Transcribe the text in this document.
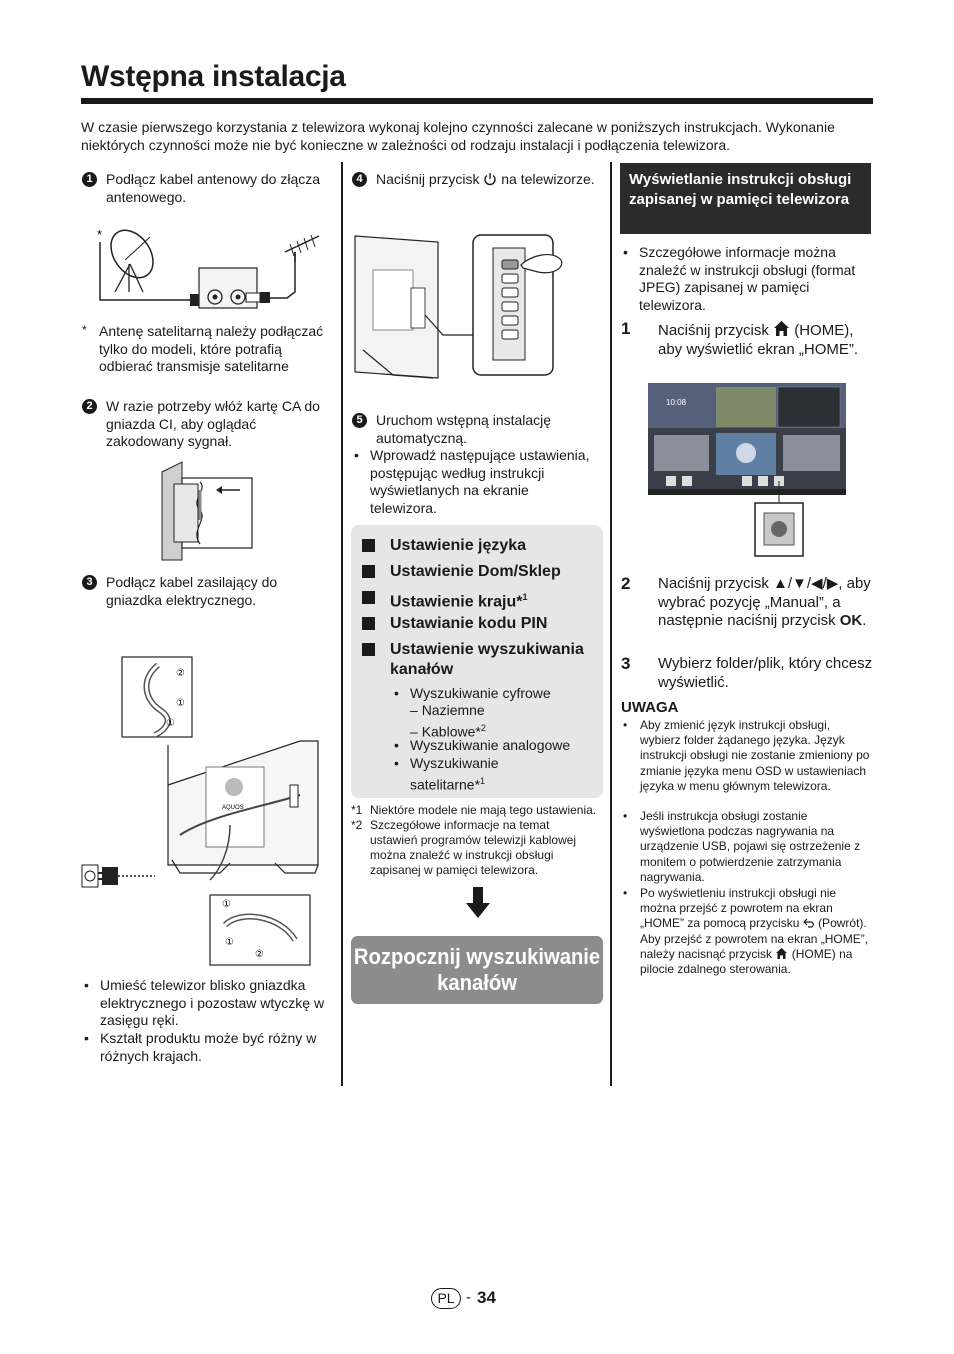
Wstępna instalacja
W czasie pierwszego korzystania z telewizora wykonaj kolejno czynności zalecane w poniższych instrukcjach. Wykonanie niektórych czynności może nie być konieczne w zależności od rodzaju instalacji i podłączenia telewizora.
1 Podłącz kabel antenowy do złącza antenowego.
*
* Antenę satelitarną należy podłączać tylko do modeli, które potrafią odbierać transmisje satelitarne
2 W razie potrzeby włóż kartę CA do gniazda CI, aby oglądać zakodowany sygnał.
3 Podłącz kabel zasilający do gniazdka elektrycznego.
②
①
①
AQUOS
①
①
②
• Umieść telewizor blisko gniazdka elektrycznego i pozostaw wtyczkę w zasięgu ręki.
• Kształt produktu może być różny w różnych krajach.
4 Naciśnij przycisk na telewizorze.
5 Uruchom wstępną instalację automatyczną.
• Wprowadź następujące ustawienia, postępując według instrukcji wyświetlanych na ekranie telewizora.
Ustawienie języka
Ustawienie Dom/Sklep
Ustawienie kraju*$^1$
Ustawianie kodu PIN
Ustawienie wyszukiwania kanałów
• Wyszukiwanie cyfrowe
– Naziemne
– Kablowe*$^2$
• Wyszukiwanie analogowe
• Wyszukiwanie satelitarne*$^1$
*1 Niektóre modele nie mają tego ustawienia.
*2 Szczegółowe informacje na temat ustawień programów telewizji kablowej można znaleźć w instrukcji obsługi zapisanej w pamięci telewizora.
Rozpocznij wyszukiwanie kanałów
Wyświetlanie instrukcji obsługi zapisanej w pamięci telewizora
• Szczegółowe informacje można znaleźć w instrukcji obsługi (format JPEG) zapisanej w pamięci telewizora.
1 Naciśnij przycisk (HOME), aby wyświetlić ekran „HOME”.
10:08
2 Naciśnij przycisk ▲/▼/◀/▶, aby wybrać pozycję „Manual”, a następnie naciśnij przycisk OK.
3 Wybierz folder/plik, który chcesz wyświetlić.
UWAGA
• Aby zmienić język instrukcji obsługi, wybierz folder żądanego języka. Język instrukcji obsługi nie zostanie zmieniony po zmianie języka menu OSD w ustawieniach języka w menu głównym telewizora.
• Jeśli instrukcja obsługi zostanie wyświetlona podczas nagrywania na urządzenie USB, pojawi się ostrzeżenie z monitem o potwierdzenie zatrzymania nagrywania.
• Po wyświetleniu instrukcji obsługi nie można przejść z powrotem na ekran „HOME” za pomocą przycisku (Powrót). Aby przejść z powrotem na ekran „HOME”, należy nacisnąć przycisk (HOME) na pilocie zdalnego sterowania.
PL - 34
